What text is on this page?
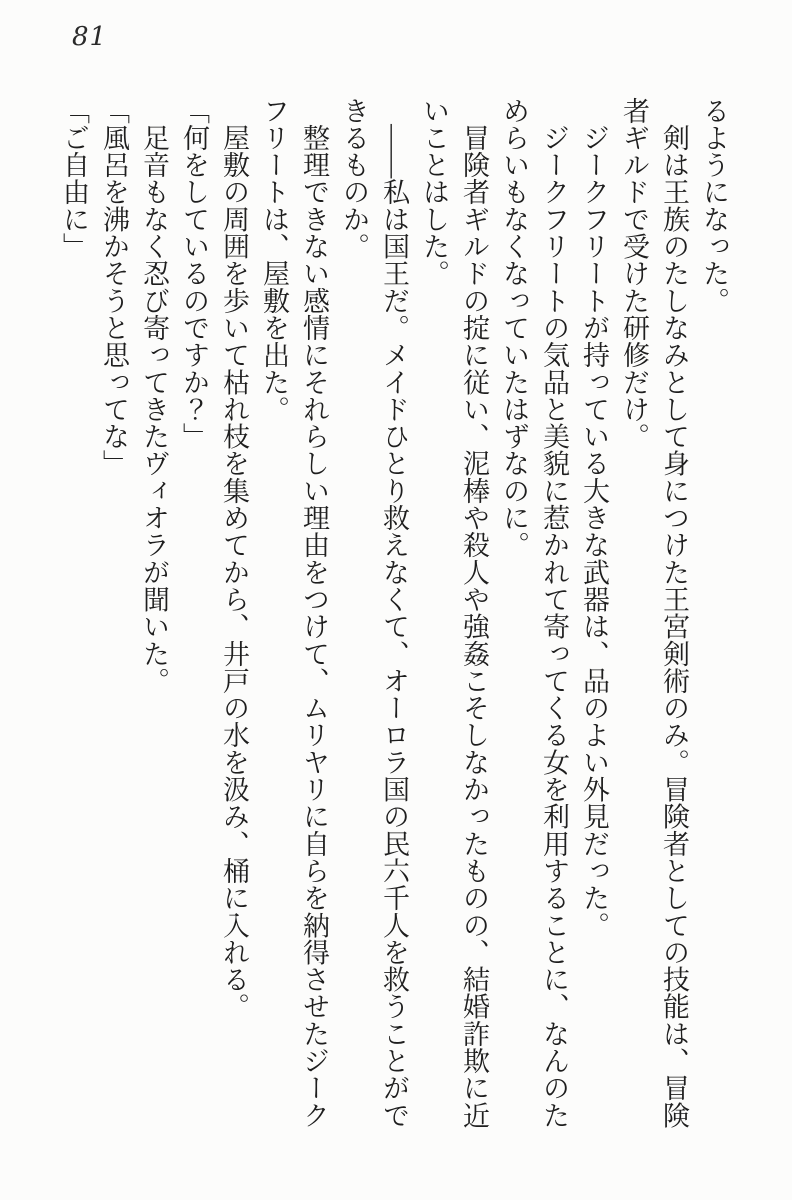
81

るようになった。

　剣は王族のたしなみとして身につけた王宮剣術のみ。冒険者としての技能は、冒険者ギルドで受けた研修だけ。

　ジークフリートが持っている大きな武器は、品のよい外見だった。

　ジークフリートの気品と美貌に惹かれて寄ってくる女を利用することに、なんのためらいもなくなっていたはずなのに。

　冒険者ギルドの掟に従い、泥棒や殺人や強姦こそしなかったものの、結婚詐欺に近いことはした。

　――私は国王だ。メイドひとり救えなくて、オーロラ国の民六千人を救うことができるものか。

　整理できない感情にそれらしい理由をつけて、ムリヤリに自らを納得させたジークフリートは、屋敷を出た。

　屋敷の周囲を歩いて枯れ枝を集めてから、井戸の水を汲み、桶に入れる。

「何をしているのですか？」

　足音もなく忍び寄ってきたヴィオラが聞いた。

「風呂を沸かそうと思ってな」

「ご自由に」
